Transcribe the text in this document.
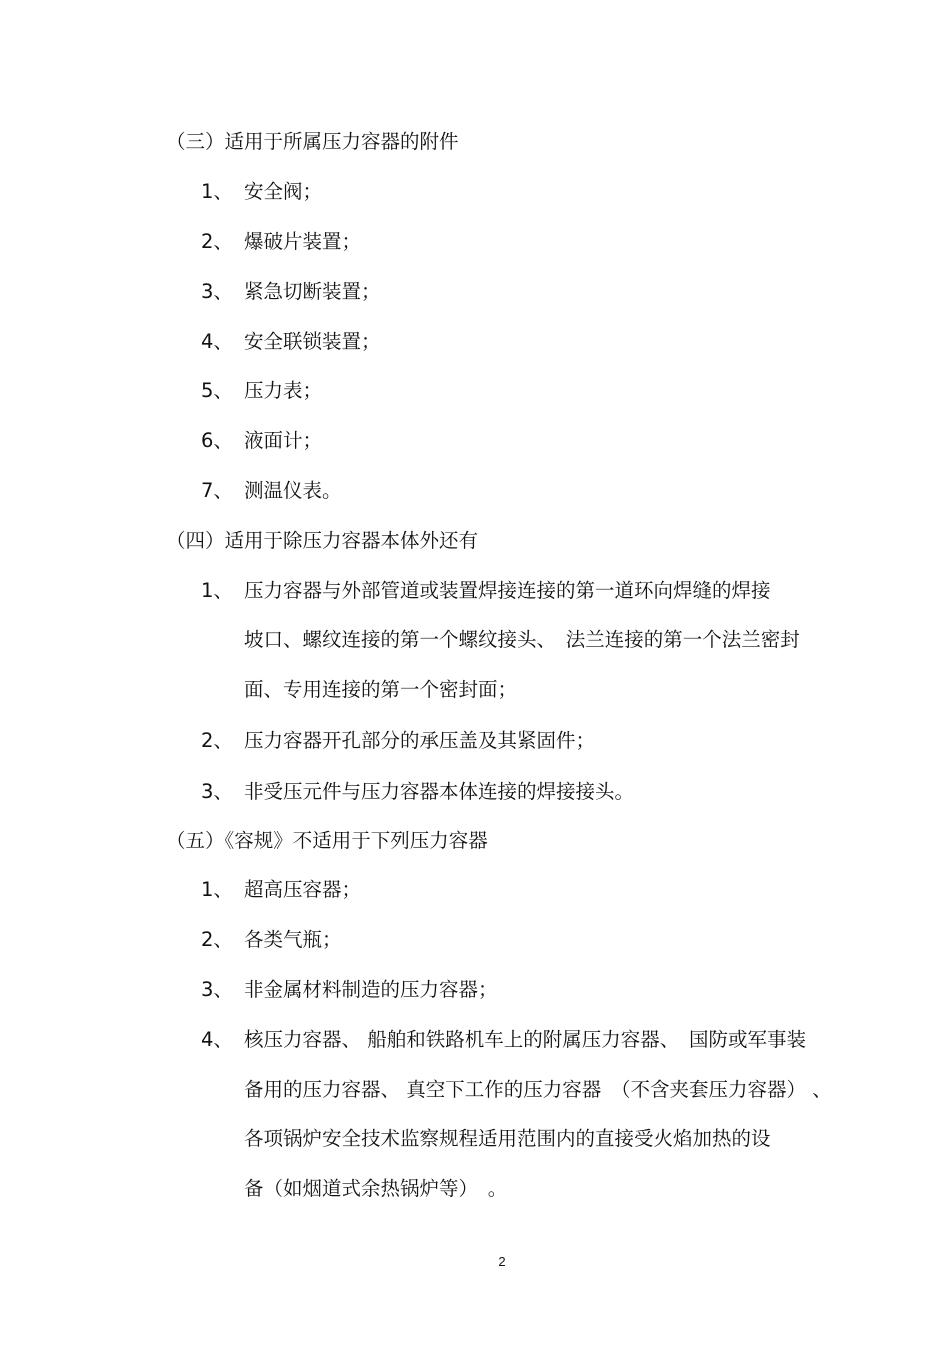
（三）适用于所属压力容器的附件
1、 安全阀；
2、 爆破片装置；
3、 紧急切断装置；
4、 安全联锁装置；
5、 压力表；
6、 液面计；
7、 测温仪表。
（四）适用于除压力容器本体外还有
1、 压力容器与外部管道或装置焊接连接的第一道环向焊缝的焊接
坡口、螺纹连接的第一个螺纹接头、　法兰连接的第一个法兰密封
面、专用连接的第一个密封面；
2、 压力容器开孔部分的承压盖及其紧固件；
3、 非受压元件与压力容器本体连接的焊接接头。
（五）《容规》不适用于下列压力容器
1、 超高压容器；
2、 各类气瓶；
3、 非金属材料制造的压力容器；
4、 核压力容器、 船舶和铁路机车上的附属压力容器、　国防或军事装
备用的压力容器、 真空下工作的压力容器　（不含夹套压力容器） 、
各项锅炉安全技术监察规程适用范围内的直接受火焰加热的设
备（如烟道式余热锅炉等）　。
2
